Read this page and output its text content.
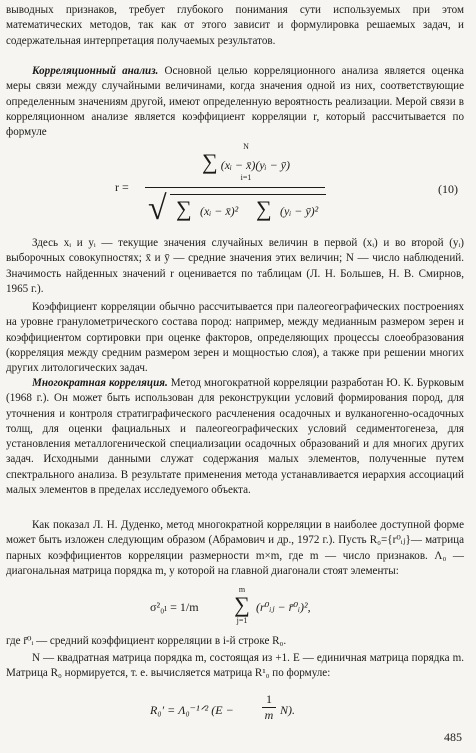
выводных признаков, требует глубокого понимания сути используемых при этом математических методов, так как от этого зависит и формулировка решаемых задач, и содержательная интерпретация получаемых результатов.

Корреляционный анализ. Основной целью корреляционного анализа является оценка меры связи между случайными величинами, когда значения одной из них, соответствующие определенным значениям другой, имеют определенную вероятность реализации. Мерой связи в корреляционном анализе является коэффициент корреляции r, который рассчитывается по формуле

r =
N
∑ (xᵢ − x̄)(yᵢ − ȳ)
i=1
√ ∑ (xᵢ − x̄)² ∑ (yᵢ − ȳ)²
(10)

Здесь xᵢ и yᵢ — текущие значения случайных величин в первой (xᵢ) и во второй (yᵢ) выборочных совокупностях; x̄ и ȳ — средние значения этих величин; N — число наблюдений. Значимость найденных значений r оценивается по таблицам (Л. Н. Большев, Н. В. Смирнов, 1965 г.).

Коэффициент корреляции обычно рассчитывается при палеогеографических построениях на уровне гранулометрического состава пород: например, между медианным размером зерен и коэффициентом сортировки при оценке факторов, определяющих процессы слоеобразования (корреляция между средним размером зерен и мощностью слоя), а также при решении многих других литологических задач.

Многократная корреляция. Метод многократной корреляции разработан Ю. К. Бурковым (1968 г.). Он может быть использован для реконструкции условий формирования пород, для уточнения и контроля стратиграфического расчленения осадочных и вулканогенно-осадочных толщ, для оценки фациальных и палеогеографических условий седиментогенеза, для установления металлогенической специализации осадочных образований и для многих других задач. Исходными данными служат содержания малых элементов, полученные путем спектрального анализа. В результате применения метода устанавливается иерархия ассоциаций малых элементов в пределах исследуемого объекта.

Как показал Л. Н. Дуденко, метод многократной корреляции в наиболее доступной форме может быть изложен следующим образом (Абрамович и др., 1972 г.). Пусть R₀={r⁰ᵢⱼ}— матрица парных коэффициентов корреляции размерности m×m, где m — число признаков. Λ₀ — диагональная матрица порядка m, у которой на главной диагонали стоят элементы:

σ²₀ₗ = 1/m
m
∑
j=1
(r⁰ᵢⱼ − r̄⁰ᵢ)²,

где r̄⁰ᵢ — средний коэффициент корреляции в i-й строке R₀.

N — квадратная матрица порядка m, состоящая из +1. E — единичная матрица порядка m. Матрица R₀ нормируется, т. е. вычисляется матрица R¹₀ по формуле:

R₀′ = Λ₀⁻¹ᐟ² (E −
1
m N).
485
